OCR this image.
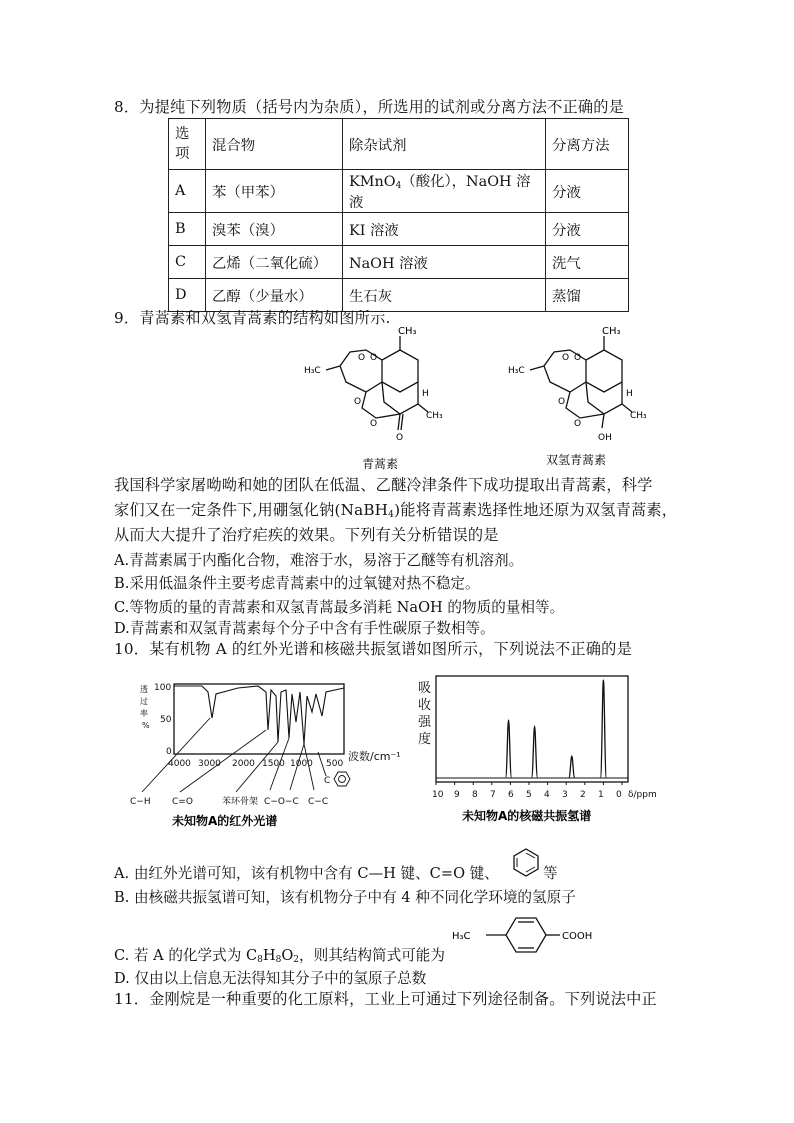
8．为提纯下列物质（括号内为杂质），所选用的试剂或分离方法不正确的是
选
项	混合物	除杂试剂	分离方法
A	苯（甲苯）	KMnO$_4$（酸化），NaOH 溶液	分液
B	溴苯（溴）	KI 溶液	分液
C	乙烯（二氧化硫）	NaOH 溶液	洗气
D	乙醇（少量水）	生石灰	蒸馏
9．青蒿素和双氢青蒿素的结构如图所示.
CH₃
H₃C
O O
O
O
O
H
CH₃
青蒿素
CH₃
H₃C
O O
O
O
OH
H
CH₃
双氢青蒿素
我国科学家屠呦呦和她的团队在低温、乙醚冷津条件下成功提取出青蒿素，科学
家们又在一定条件下,用硼氢化钠(NaBH$_4$)能将青蒿素选择性地还原为双氢青蒿素，
从而大大提升了治疗疟疾的效果。下列有关分析错误的是
A.青蒿素属于内酯化合物，难溶于水，易溶于乙醚等有机溶剂。
B.采用低温条件主要考虑青蒿素中的过氧键对热不稳定。
C.等物质的量的青蒿素和双氢青蒿最多消耗 NaOH 的物质的量相等。
D.青蒿素和双氢青蒿素每个分子中含有手性碳原子数相等。
10．某有机物 A 的红外光谱和核磁共振氢谱如图所示，下列说法不正确的是
透
过
率
%
100
50
0
4000 3000 2000 1500 1000 500
波数/cm⁻¹
C−H C=O	苯环骨架 C−O−C C−C
C
未知物A的红外光谱
吸
收
强
度
10 9 8 7 6 5 4 3 2 1 0 δ/ppm
未知物A的核磁共振氢谱
A. 由红外光谱可知，该有机物中含有 C—H 键、C=O 键、	等
B. 由核磁共振氢谱可知，该有机物分子中有 4 种不同化学环境的氢原子
H₃C	COOH
C. 若 A 的化学式为 $C_8H_8O_2$，则其结构简式可能为
D. 仅由以上信息无法得知其分子中的氢原子总数
11．金刚烷是一种重要的化工原料，工业上可通过下列途径制备。下列说法中正
